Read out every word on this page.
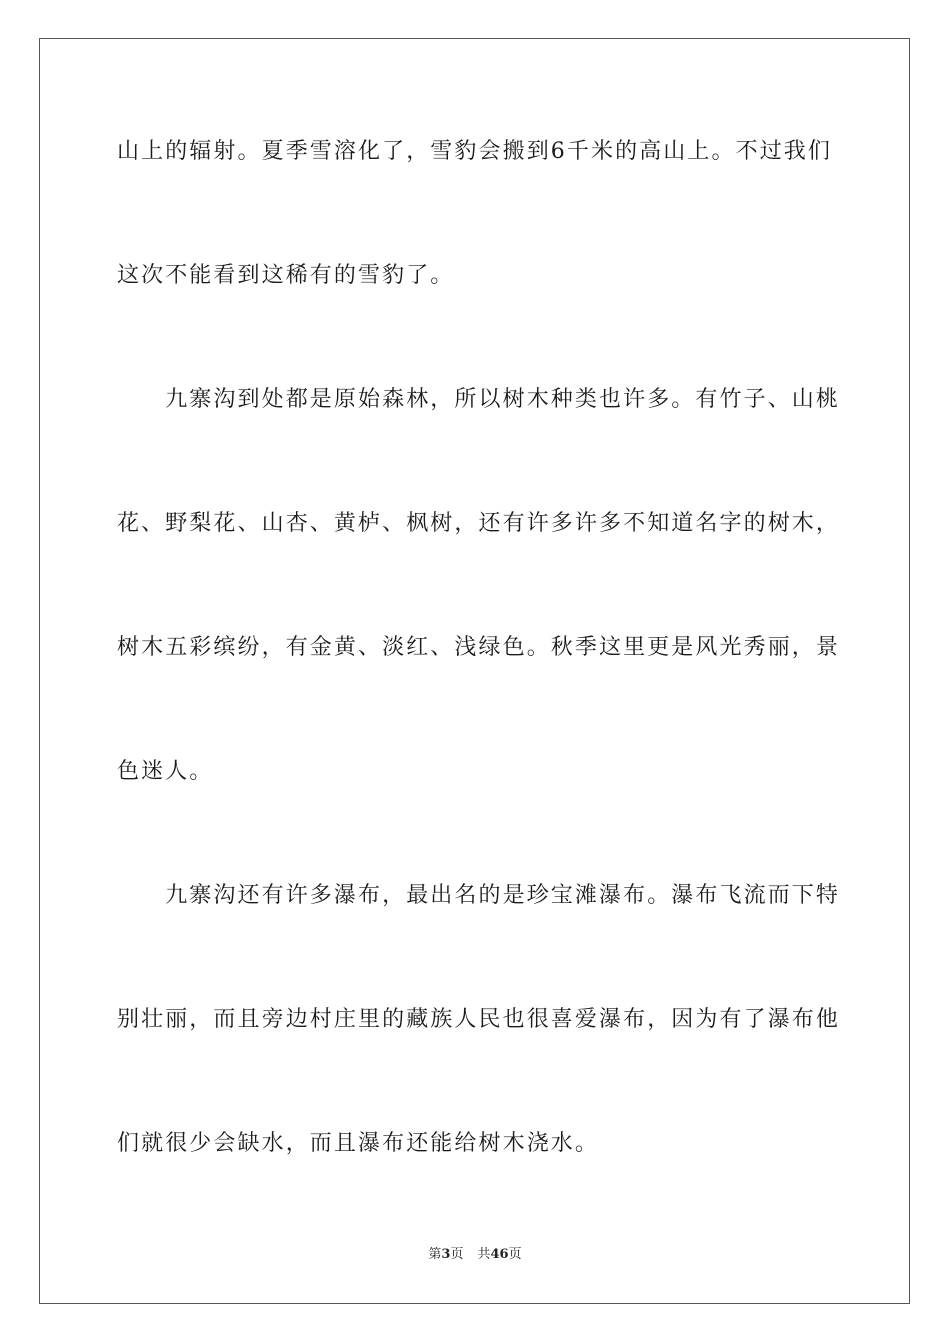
山上的辐射。夏季雪溶化了，雪豹会搬到6千米的高山上。不过我们
这次不能看到这稀有的雪豹了。
　　九寨沟到处都是原始森林，所以树木种类也许多。有竹子、山桃
花、野梨花、山杏、黄栌、枫树，还有许多许多不知道名字的树木，
树木五彩缤纷，有金黄、淡红、浅绿色。秋季这里更是风光秀丽，景
色迷人。
　　九寨沟还有许多瀑布，最出名的是珍宝滩瀑布。瀑布飞流而下特
别壮丽，而且旁边村庄里的藏族人民也很喜爱瀑布，因为有了瀑布他
们就很少会缺水，而且瀑布还能给树木浇水。
第3页 共46页
